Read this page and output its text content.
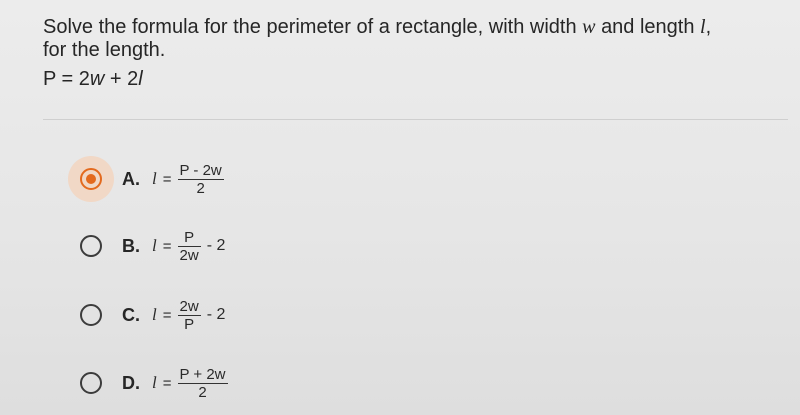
Solve the formula for the perimeter of a rectangle, with width w and length l,
for the length.
P = 2w + 2l
A. $l = \frac{P - 2w}{2}$
B. $l = \frac{P}{2w} - 2$
C. $l = \frac{2w}{P} - 2$
D. $l = \frac{P + 2w}{2}$
